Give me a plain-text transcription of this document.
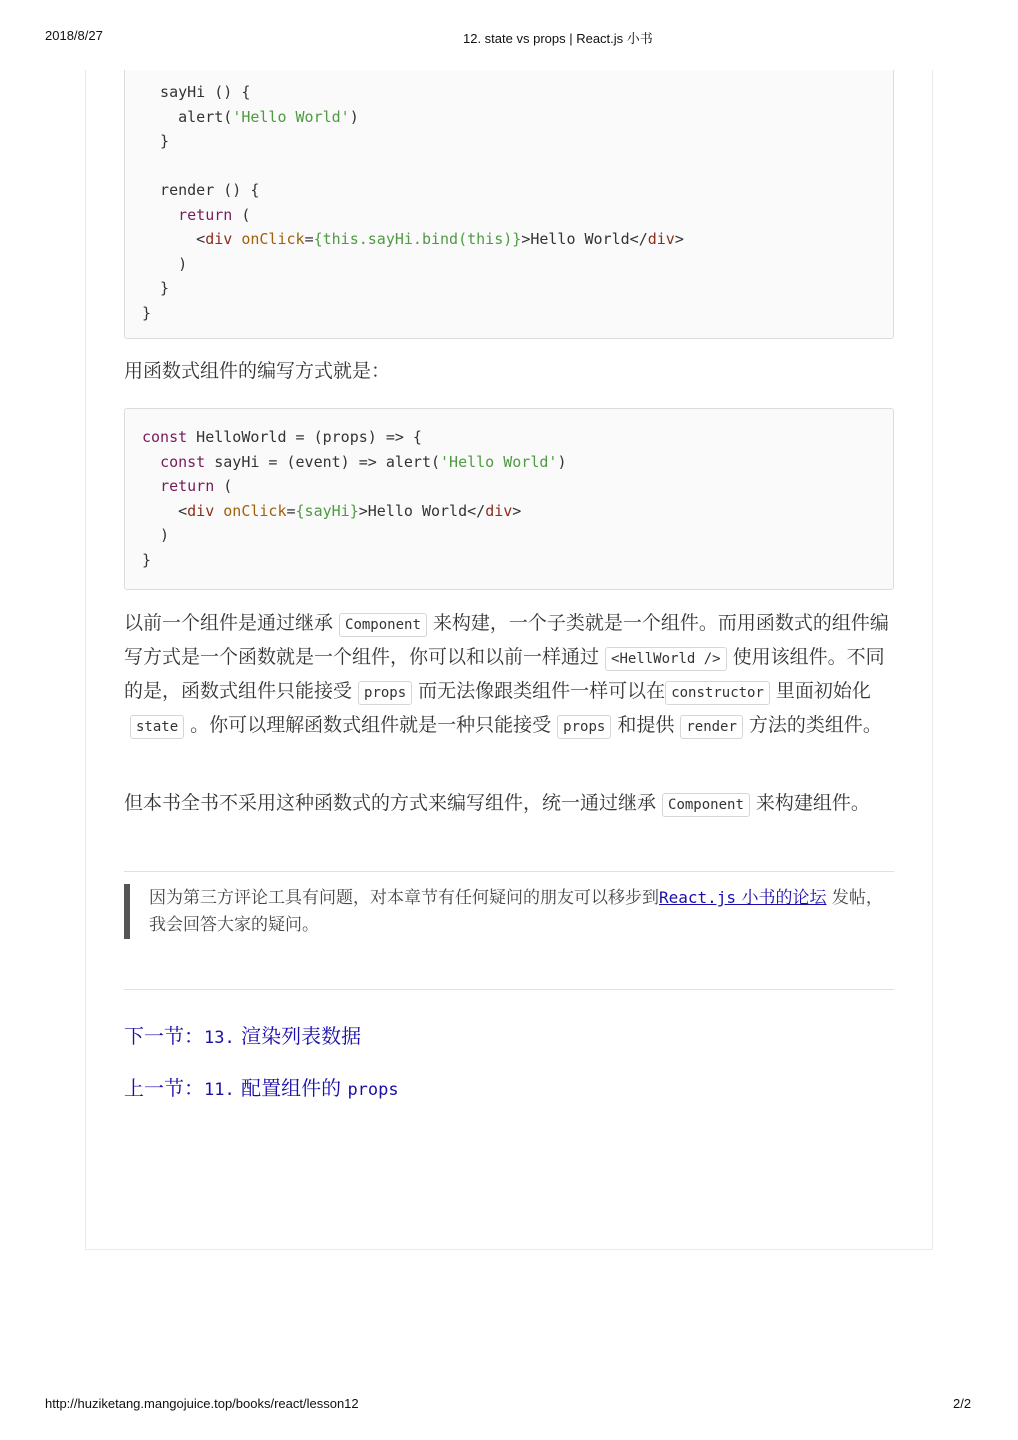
2018/8/27	12. state vs props | React.js 小书
sayHi () {
alert('Hello World')
}
render () {
return (
<div onClick={this.sayHi.bind(this)}>Hello World</div>
)
}
}
用函数式组件的编写方式就是：
const HelloWorld = (props) => {
const sayHi = (event) => alert('Hello World')
return (
<div onClick={sayHi}>Hello World</div>
)
}
以前一个组件是通过继承 Component 来构建，一个子类就是一个组件。而用函数式的组件编写方式是一个函数就是一个组件，你可以和以前一样通过 <HellWorld /> 使用该组件。不同的是，函数式组件只能接受 props 而无法像跟类组件一样可以在 constructor 里面初始化state 。你可以理解函数式组件就是一种只能接受 props 和提供 render 方法的类组件。
但本书全书不采用这种函数式的方式来编写组件，统一通过继承 Component 来构建组件。
因为第三方评论工具有问题，对本章节有任何疑问的朋友可以移步到React.js 小书的论坛 发帖，我会回答大家的疑问。
下一节：13. 渲染列表数据
上一节：11. 配置组件的 props
http://huziketang.mangojuice.top/books/react/lesson12	2/2
